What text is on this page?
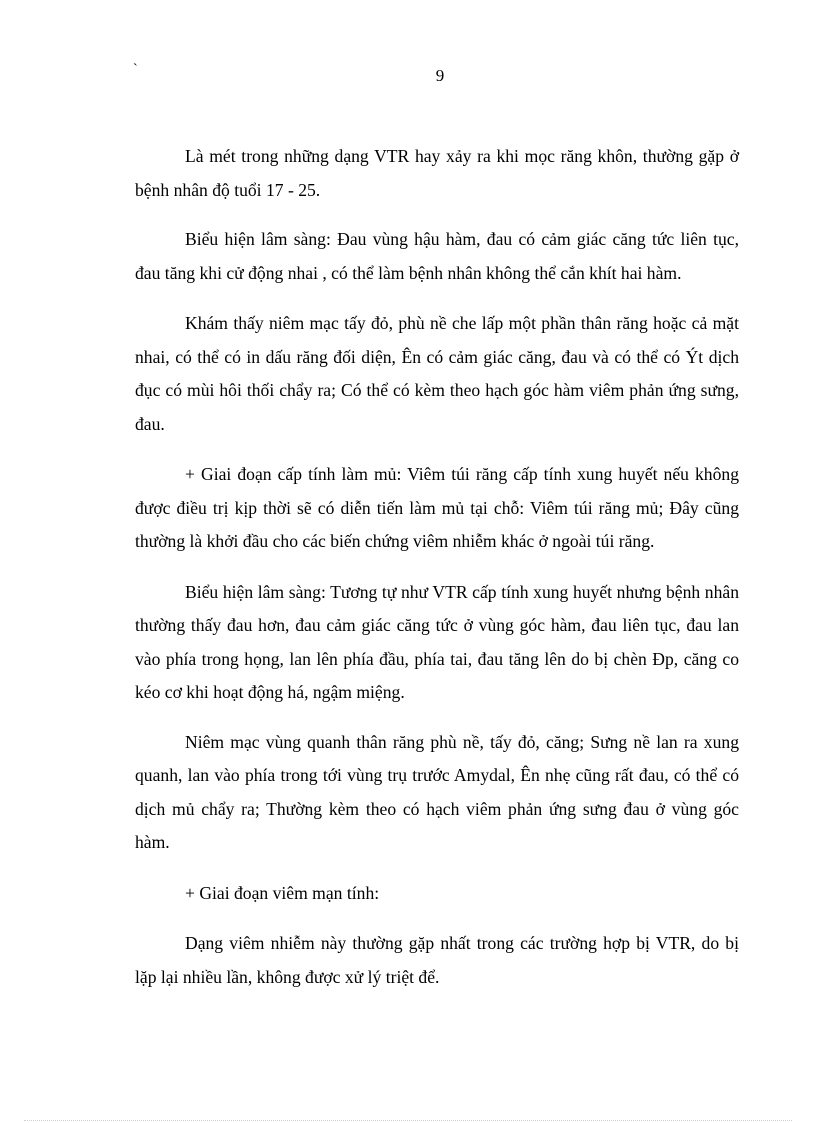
`	9

Là mét trong những dạng VTR hay xảy ra khi mọc răng khôn, thường gặp ở bệnh nhân độ tuổi 17 - 25.

Biểu hiện lâm sàng: Đau vùng hậu hàm, đau có cảm giác căng tức liên tục, đau tăng khi cử động nhai , có thể làm bệnh nhân không thể cắn khít hai hàm.

Khám thấy niêm mạc tấy đỏ, phù nề che lấp một phần thân răng hoặc cả mặt nhai, có thể có in dấu răng đối diện, Ên có cảm giác căng, đau và có thể có Ýt dịch đục có mùi hôi thối chẩy ra; Có thể có kèm theo hạch góc hàm viêm phản ứng sưng, đau.

+ Giai đoạn cấp tính làm mủ: Viêm túi răng cấp tính xung huyết nếu không được điều trị kịp thời sẽ có diễn tiến làm mủ tại chỗ: Viêm túi răng mủ; Đây cũng thường là khởi đầu cho các biến chứng viêm nhiễm khác ở ngoài túi răng.

Biểu hiện lâm sàng: Tương tự như VTR cấp tính xung huyết nhưng bệnh nhân thường thấy đau hơn, đau cảm giác căng tức ở vùng góc hàm, đau liên tục, đau lan vào phía trong họng, lan lên phía đầu, phía tai, đau tăng lên do bị chèn Ðp, căng co kéo cơ khi hoạt động há, ngậm miệng.

Niêm mạc vùng quanh thân răng phù nề, tấy đỏ, căng; Sưng nề lan ra xung quanh, lan vào phía trong tới vùng trụ trước Amydal, Ên nhẹ cũng rất đau, có thể có dịch mủ chẩy ra; Thường kèm theo có hạch viêm phản ứng sưng đau ở vùng góc hàm.

+ Giai đoạn viêm mạn tính:

Dạng viêm nhiễm này thường gặp nhất trong các trường hợp bị VTR, do bị lặp lại nhiều lần, không được xử lý triệt để.
